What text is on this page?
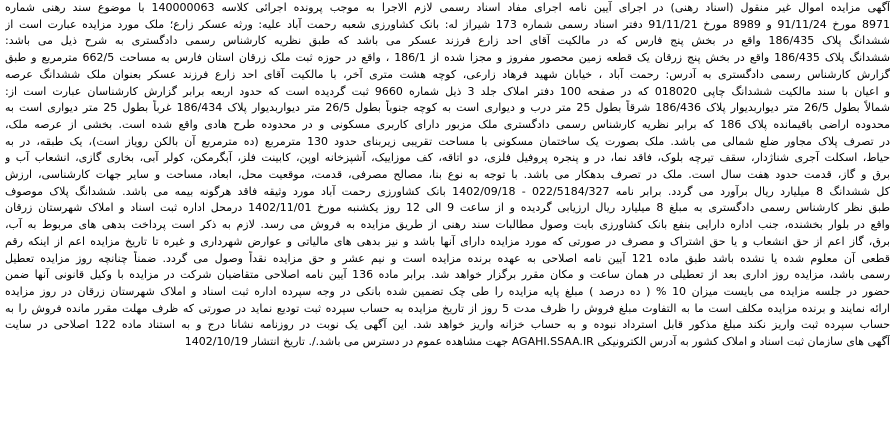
آگهی مزایده اموال غیر منقول (اسناد رهنی) در اجرای آیین نامه اجرای مفاد اسناد رسمی لازم الاجرا به موجب پرونده اجرائی کلاسه 140000063 با موضوع سند رهنی شماره
8971 مورخ 91/11/24 و 8989 مورخ 91/11/21 دفتر اسناد رسمی شماره 173 شیراز له: بانک کشاورزی شعبه رحمت آباد علیه: ورثه عسکر زارع؛ ملک مورد مزایده عبارت است از
ششدانگ پلاک 186/435 واقع در بخش پنج فارس که در مالکیت آقای احد زارع فرزند عسکر می باشد که طبق نظریه کارشناس رسمی دادگستری به شرح ذیل می باشد:
ششدانگ پلاک 186/435 واقع در بخش پنج زرقان یک قطعه زمین محصور مفروز و مجزا شده از 186/1 ، واقع در حوزه ثبت ملک زرقان استان فارس به مساحت 662/5 مترمربع و طبق
گزارش کارشناس رسمی دادگستری به آدرس: رحمت آباد ، خیابان شهید فرهاد زارعی، کوچه هشت متری آخر، با مالکیت آقای احد زارع فرزند عسکر بعنوان ملک ششدانگ عرصه
و اعیان با سند مالکیت ششدانگ چاپی 018020 که در صفحه 100 دفتر املاک جلد 3 ذیل شماره 9660 ثبت گردیده است که حدود اربعه برابر گزارش کارشناسان عبارت است از:
شمالاً بطول 26/5 متر دیواربدیوار پلاک 186/436 شرقاً بطول 25 متر درب و دیواری است به کوچه جنوباً بطول 26/5 متر دیواربدیوار پلاک 186/434 غرباً بطول 25 متر دیواری است به
محدوده اراضی باقیمانده پلاک 186 که برابر نظریه کارشناس رسمی دادگستری ملک مزبور دارای کاربری مسکونی و در محدوده طرح هادی واقع شده است. بخشی از عرصه ملک،
در تصرف پلاک مجاور ضلع شمالی می باشد. ملک بصورت یک ساختمان مسکونی با مساحت تقریبی زیربنای حدود 130 مترمربع (ده مترمربع آن بالکن رویاز است)، یک طبقه، در به
حیاط، اسکلت آجری شناژدار، سقف تیرچه بلوک، فاقد نما، در و پنجره پروفیل فلزی، دو اتاقه، کف موزاییک، آشپزخانه اوپن، کابینت فلز، آبگرمکن، کولر آبی، بخاری گازی، انشعاب آب و
برق و گاز، قدمت حدود هفت سال است. ملک در تصرف بدهکار می باشد. با توجه به نوع بنا، مصالح مصرفی، قدمت، موقعیت محل، ابعاد، مساحت و سایر جهات کارشناسی، ارزش
کل ششدانگ 8 میلیارد ریال برآورد می گردد. برابر نامه 022/5184/327 - 1402/09/18 بانک کشاورزی رحمت آباد مورد وثیقه فاقد هرگونه بیمه می باشد. ششدانگ پلاک موصوف
طبق نظر کارشناس رسمی دادگستری به مبلغ 8 میلیارد ریال ارزیابی گردیده و از ساعت 9 الی 12 روز یکشنبه مورخ 1402/11/01 درمحل اداره ثبت اسناد و املاک شهرستان زرقان
واقع در بلوار بخشنده، جنب اداره دارایی بنفع بانک کشاورزی بابت وصول مطالبات سند رهنی از طریق مزایده به فروش می رسد. لازم به ذکر است پرداخت بدهی های مربوط به آب،
برق، گاز اعم از حق انشعاب و یا حق اشتراک و مصرف در صورتی که مورد مزایده دارای آنها باشد و نیز بدهی های مالیاتی و عوارض شهرداری و غیره تا تاریخ مزایده اعم از اینکه رقم
قطعی آن معلوم شده یا نشده باشد طبق ماده 121 آیین نامه اصلاحی به عهده برنده مزایده است و نیم عشر و حق مزایده نقداً وصول می گردد. ضمناً چنانچه روز مزایده تعطیل
رسمی باشد، مزایده روز اداری بعد از تعطیلی در همان ساعت و مکان مقرر برگزار خواهد شد. برابر ماده 136 آیین نامه اصلاحی متقاضیان شرکت در مزایده با وکیل قانونی آنها ضمن
حضور در جلسه مزایده می بایست میزان 10 % ( ده درصد ) مبلغ پایه مزایده را طی چک تضمین شده بانکی در وجه سپرده اداره ثبت اسناد و املاک شهرستان زرقان در روز مزایده
ارائه نمایند و برنده مزایده مکلف است ما به التفاوت مبلغ فروش را ظرف مدت 5 روز از تاریخ مزایده به حساب سپرده ثبت تودیع نماید در صورتی که ظرف مهلت مقرر مانده فروش را به
حساب سپرده ثبت واریز نکند مبلغ مذکور قابل استرداد نبوده و به حساب خزانه واریز خواهد شد. این آگهی یک نوبت در روزنامه نشانا درج و به استناد ماده 122 اصلاحی در سایت
آگهی های سازمان ثبت اسناد و املاک کشور به آدرس الکترونیکی AGAHI.SSAA.IR جهت مشاهده عموم در دسترس می باشد./. تاریخ انتشار 1402/10/19
